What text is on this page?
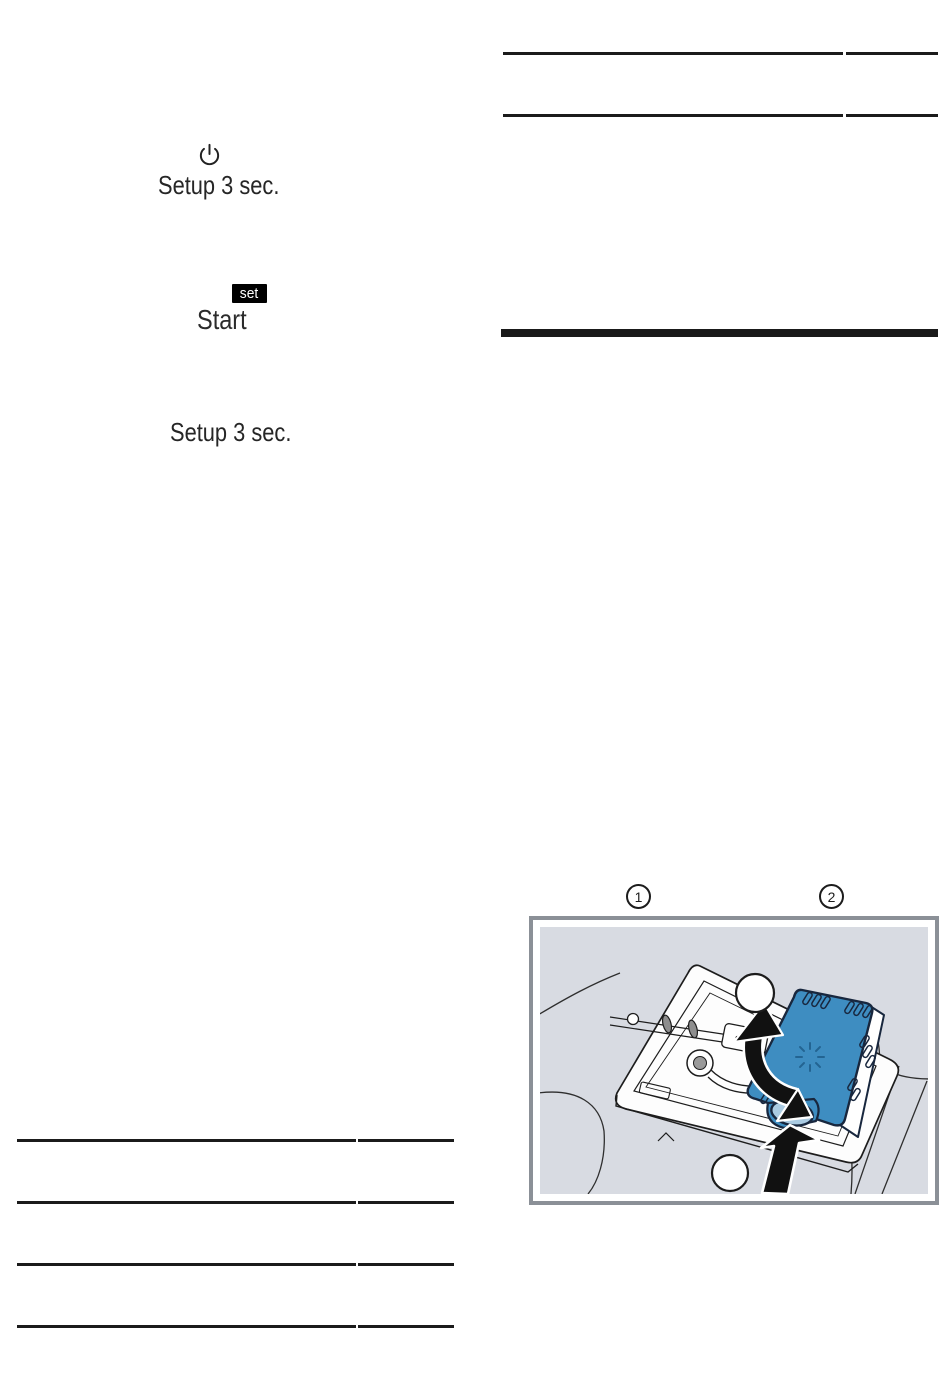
Setup 3 sec.
set
Start
Setup 3 sec.
1	2
